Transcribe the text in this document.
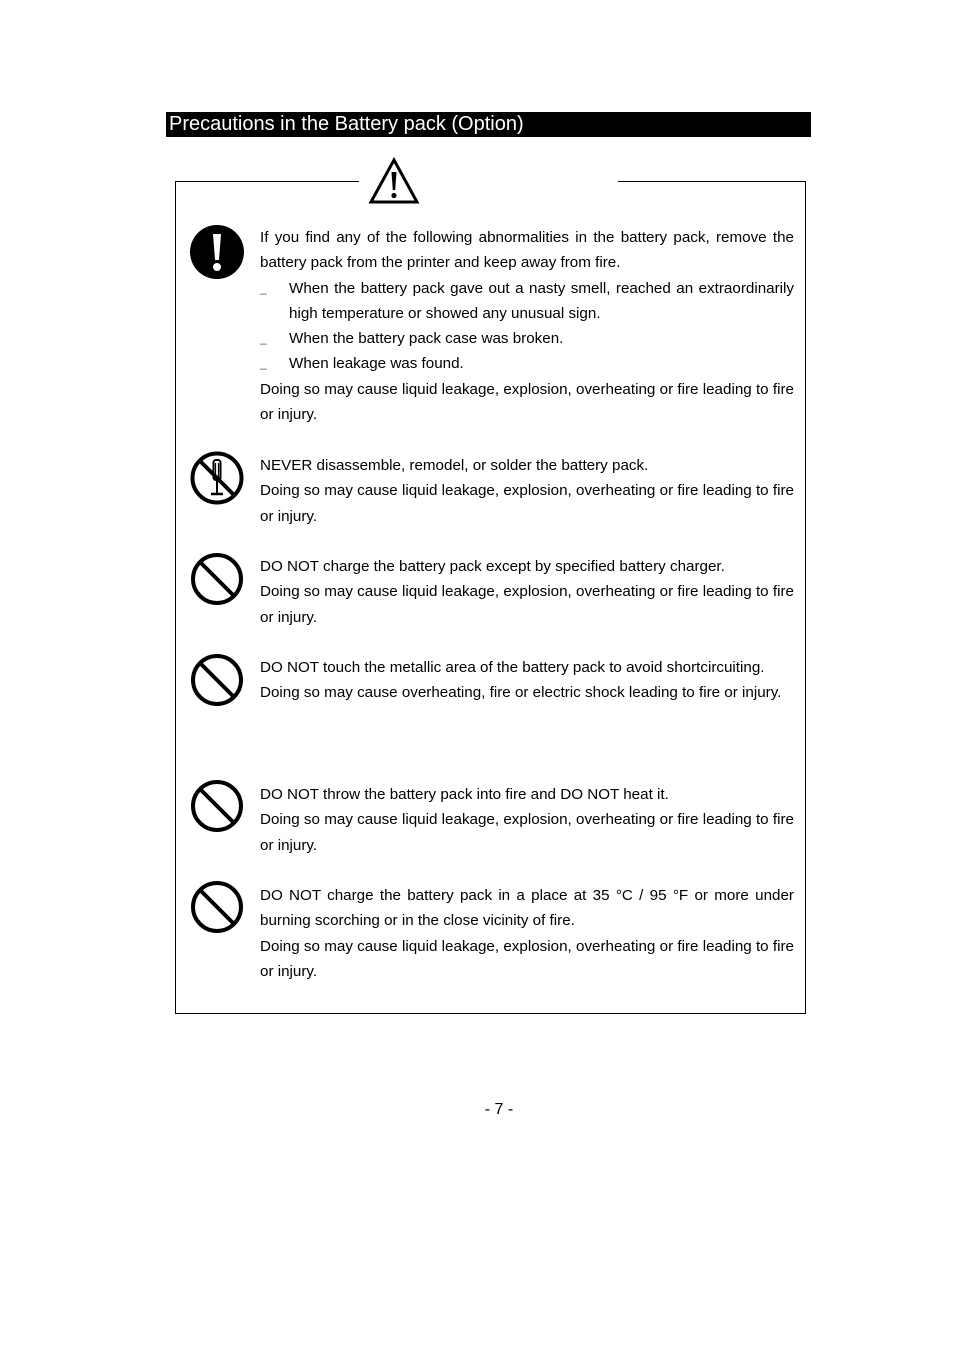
Precautions in the Battery pack (Option)

If you find any of the following abnormalities in the battery pack, remove the battery pack from the printer and keep away from fire.

_ When the battery pack gave out a nasty smell, reached an extraordinarily high temperature or showed any unusual sign.

_ When the battery pack case was broken.

_ When leakage was found.

Doing so may cause liquid leakage, explosion, overheating or fire leading to fire or injury.

NEVER disassemble, remodel, or solder the battery pack.

Doing so may cause liquid leakage, explosion, overheating or fire leading to fire or injury.

DO NOT charge the battery pack except by specified battery charger.

Doing so may cause liquid leakage, explosion, overheating or fire leading to fire or injury.

DO NOT touch the metallic area of the battery pack to avoid shortcircuiting.

Doing so may cause overheating, fire or electric shock leading to fire or injury.

DO NOT throw the battery pack into fire and DO NOT heat it.

Doing so may cause liquid leakage, explosion, overheating or fire leading to fire or injury.

DO NOT charge the battery pack in a place at 35 °C / 95 °F or more under burning scorching or in the close vicinity of fire.

Doing so may cause liquid leakage, explosion, overheating or fire leading to fire or injury.

- 7 -
